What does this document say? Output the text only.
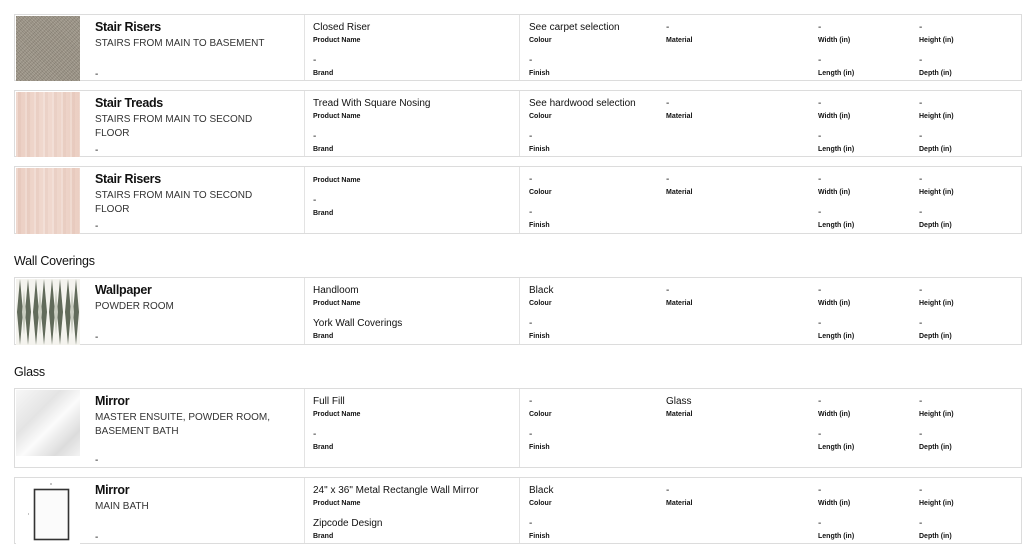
Stair Risers
STAIRS FROM MAIN TO BASEMENT
-
Closed Riser
Product Name
-
Brand
See carpet selection
Colour
-
Finish
-
Material
-
Width (in)
-
Length (in)
-
Height (in)
-
Depth (in)
Stair Treads
STAIRS FROM MAIN TO SECOND FLOOR
-
Tread With Square Nosing
Product Name
-
Brand
See hardwood selection
Colour
-
Finish
-
Material
-
Width (in)
-
Length (in)
-
Height (in)
-
Depth (in)
Stair Risers
STAIRS FROM MAIN TO SECOND FLOOR
-
Product Name
-
Brand
-
Colour
-
Finish
-
Material
-
Width (in)
-
Length (in)
-
Height (in)
-
Depth (in)
Wall Coverings
Wallpaper
POWDER ROOM
-
Handloom
Product Name
York Wall Coverings
Brand
Black
Colour
-
Finish
-
Material
-
Width (in)
-
Length (in)
-
Height (in)
-
Depth (in)
Glass
Mirror
MASTER ENSUITE, POWDER ROOM, BASEMENT BATH
-
Full Fill
Product Name
-
Brand
-
Colour
-
Finish
Glass
Material
-
Width (in)
-
Length (in)
-
Height (in)
-
Depth (in)
Mirror
MAIN BATH
-
24" x 36" Metal Rectangle Wall Mirror
Product Name
Zipcode Design
Brand
Black
Colour
-
Finish
-
Material
-
Width (in)
-
Length (in)
-
Height (in)
-
Depth (in)
